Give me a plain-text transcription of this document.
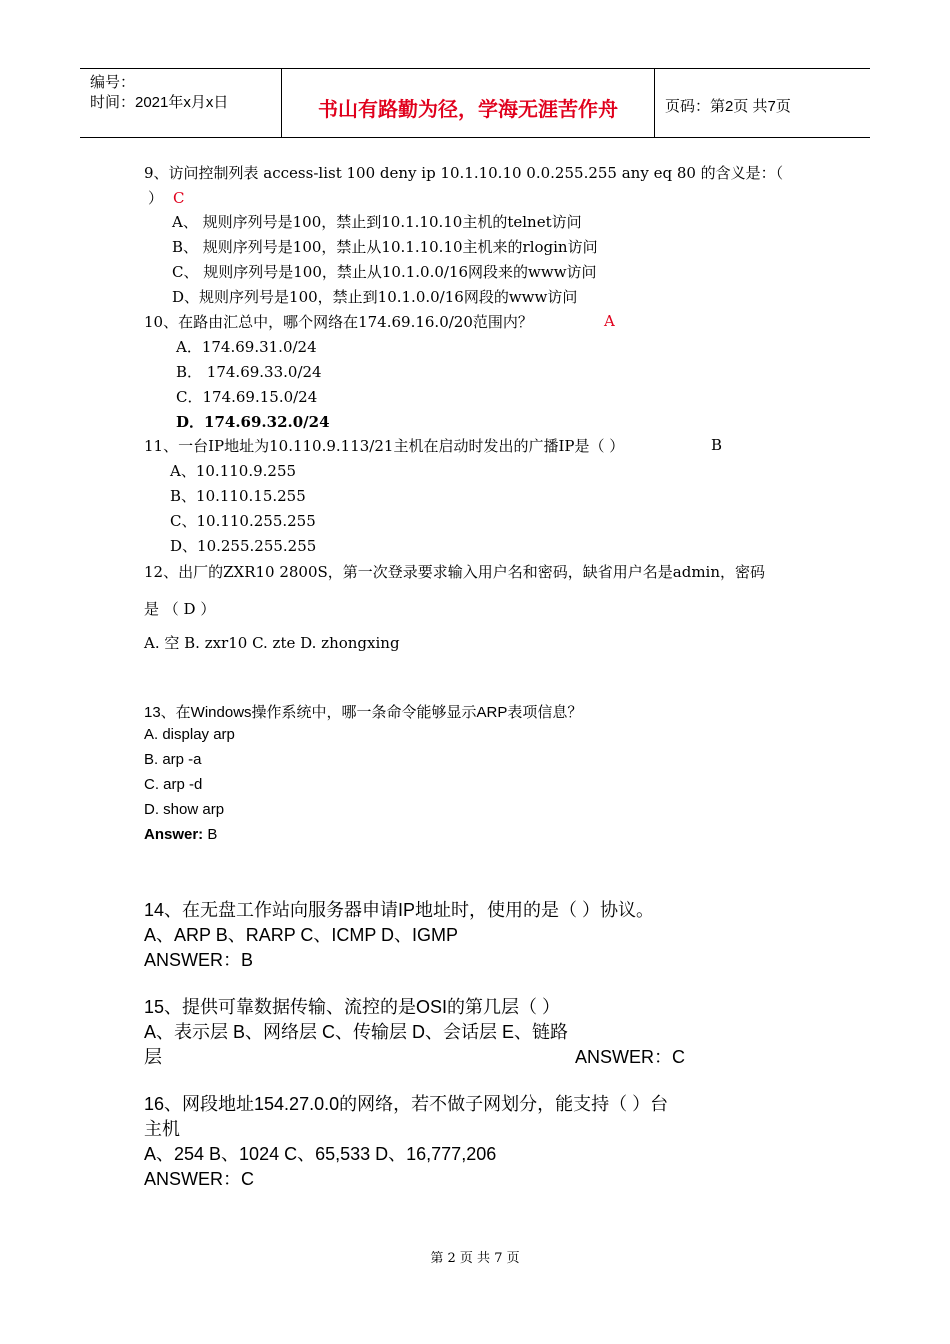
编号：
时间：2021年x月x日	书山有路勤为径，学海无涯苦作舟	页码：第2页 共7页
9、访问控制列表 access-list 100 deny ip 10.1.10.10 0.0.255.255 any eq 80 的含义是：（
） C
A、 规则序列号是100，禁止到10.1.10.10主机的telnet访问
B、 规则序列号是100，禁止从10.1.10.10主机来的rlogin访问
C、 规则序列号是100，禁止从10.1.0.0/16网段来的www访问
D、规则序列号是100，禁止到10.1.0.0/16网段的www访问
10、在路由汇总中，哪个网络在174.69.16.0/20范围内？	A
A．174.69.31.0/24
B． 174.69.33.0/24
C．174.69.15.0/24
D．174.69.32.0/24
11、一台IP地址为10.110.9.113/21主机在启动时发出的广播IP是（ ）	B
A、10.110.9.255
B、10.110.15.255
C、10.110.255.255
D、10.255.255.255
12、出厂的ZXR10 2800S，第一次登录要求输入用户名和密码，缺省用户名是admin，密码
是 （ D ）
A. 空 B. zxr10 C. zte D. zhongxing
13、在Windows操作系统中，哪一条命令能够显示ARP表项信息？
A. display arp
B. arp -a
C. arp -d
D. show arp
Answer: B
14、在无盘工作站向服务器申请IP地址时，使用的是（ ）协议。
A、ARP B、RARP C、ICMP D、IGMP
ANSWER：B
15、提供可靠数据传输、流控的是OSI的第几层（ ）
A、表示层 B、网络层 C、传输层 D、会话层 E、链路
层	ANSWER：C
16、网段地址154.27.0.0的网络，若不做子网划分，能支持（ ）台
主机
A、254 B、1024 C、65,533 D、16,777,206
ANSWER：C
第 2 页 共 7 页
